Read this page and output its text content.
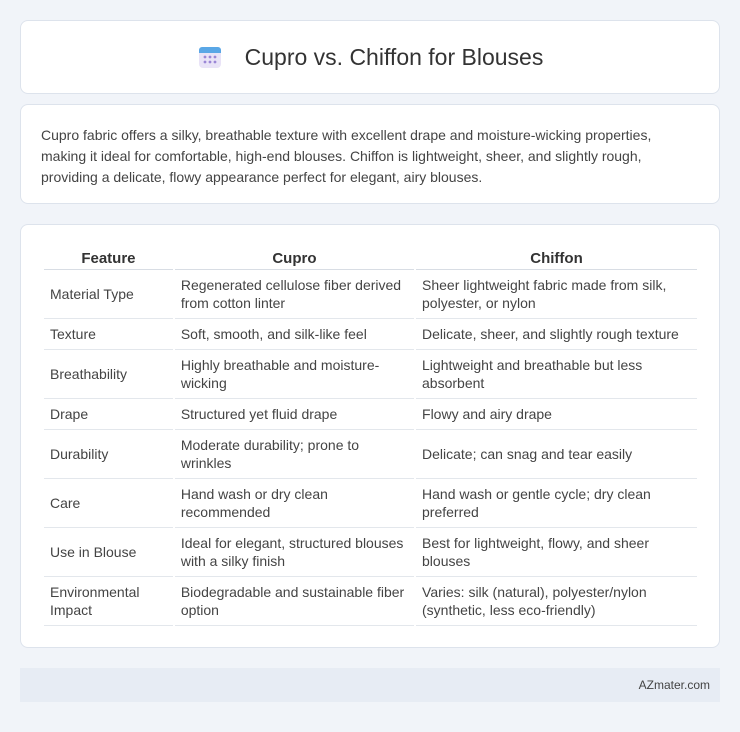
Cupro vs. Chiffon for Blouses

Cupro fabric offers a silky, breathable texture with excellent drape and moisture-wicking properties, making it ideal for comfortable, high-end blouses. Chiffon is lightweight, sheer, and slightly rough, providing a delicate, flowy appearance perfect for elegant, airy blouses.

Feature	Cupro	Chiffon
Material Type	Regenerated cellulose fiber derived from cotton linter	Sheer lightweight fabric made from silk, polyester, or nylon
Texture	Soft, smooth, and silk-like feel	Delicate, sheer, and slightly rough texture
Breathability	Highly breathable and moisture-wicking	Lightweight and breathable but less absorbent
Drape	Structured yet fluid drape	Flowy and airy drape
Durability	Moderate durability; prone to wrinkles	Delicate; can snag and tear easily
Care	Hand wash or dry clean recommended	Hand wash or gentle cycle; dry clean preferred
Use in Blouse	Ideal for elegant, structured blouses with a silky finish	Best for lightweight, flowy, and sheer blouses
Environmental Impact	Biodegradable and sustainable fiber option	Varies: silk (natural), polyester/nylon (synthetic, less eco-friendly)
AZmater.com
